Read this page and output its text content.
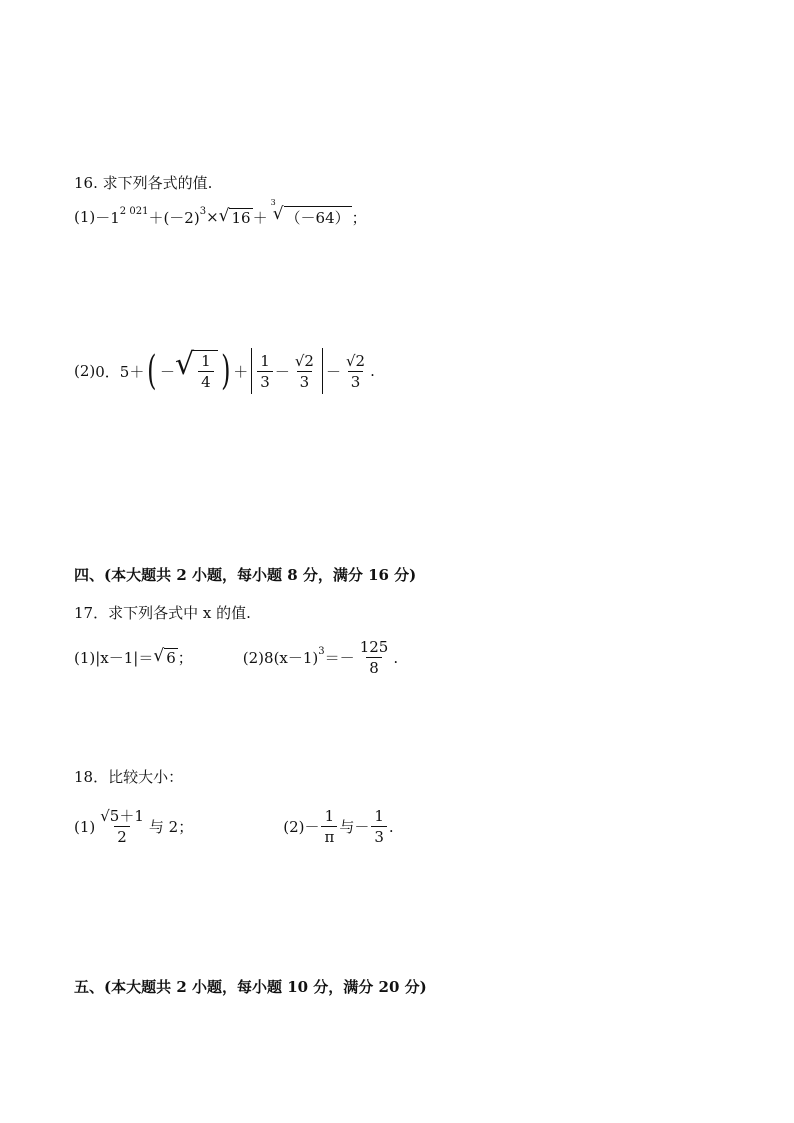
16. 求下列各式的值.
(1) －1 2 021 ＋(－2) 3 × √ 16 ＋
3
√ （－64） ；
(2) 0．5＋ ( － √ $\frac{1}{4}$ ) ＋ $\frac{1}{3} - \frac{√2}{3} - \frac{√2}{3}$ .
四、(本大题共 2 小题，每小题 8 分，满分 16 分)
17．求下列各式中 x 的值.
(1) |x－1|＝ √ 6 ；	(2) 8(x－1) $3 =- \frac{125}{8}$ .
18．比较大小：
$(1) \frac{√5+1}{2}$ 与 2；	$(2) - \frac{1}{\pi}$ 与－ $\frac{1}{3}$ .
五、(本大题共 2 小题，每小题 10 分，满分 20 分)
